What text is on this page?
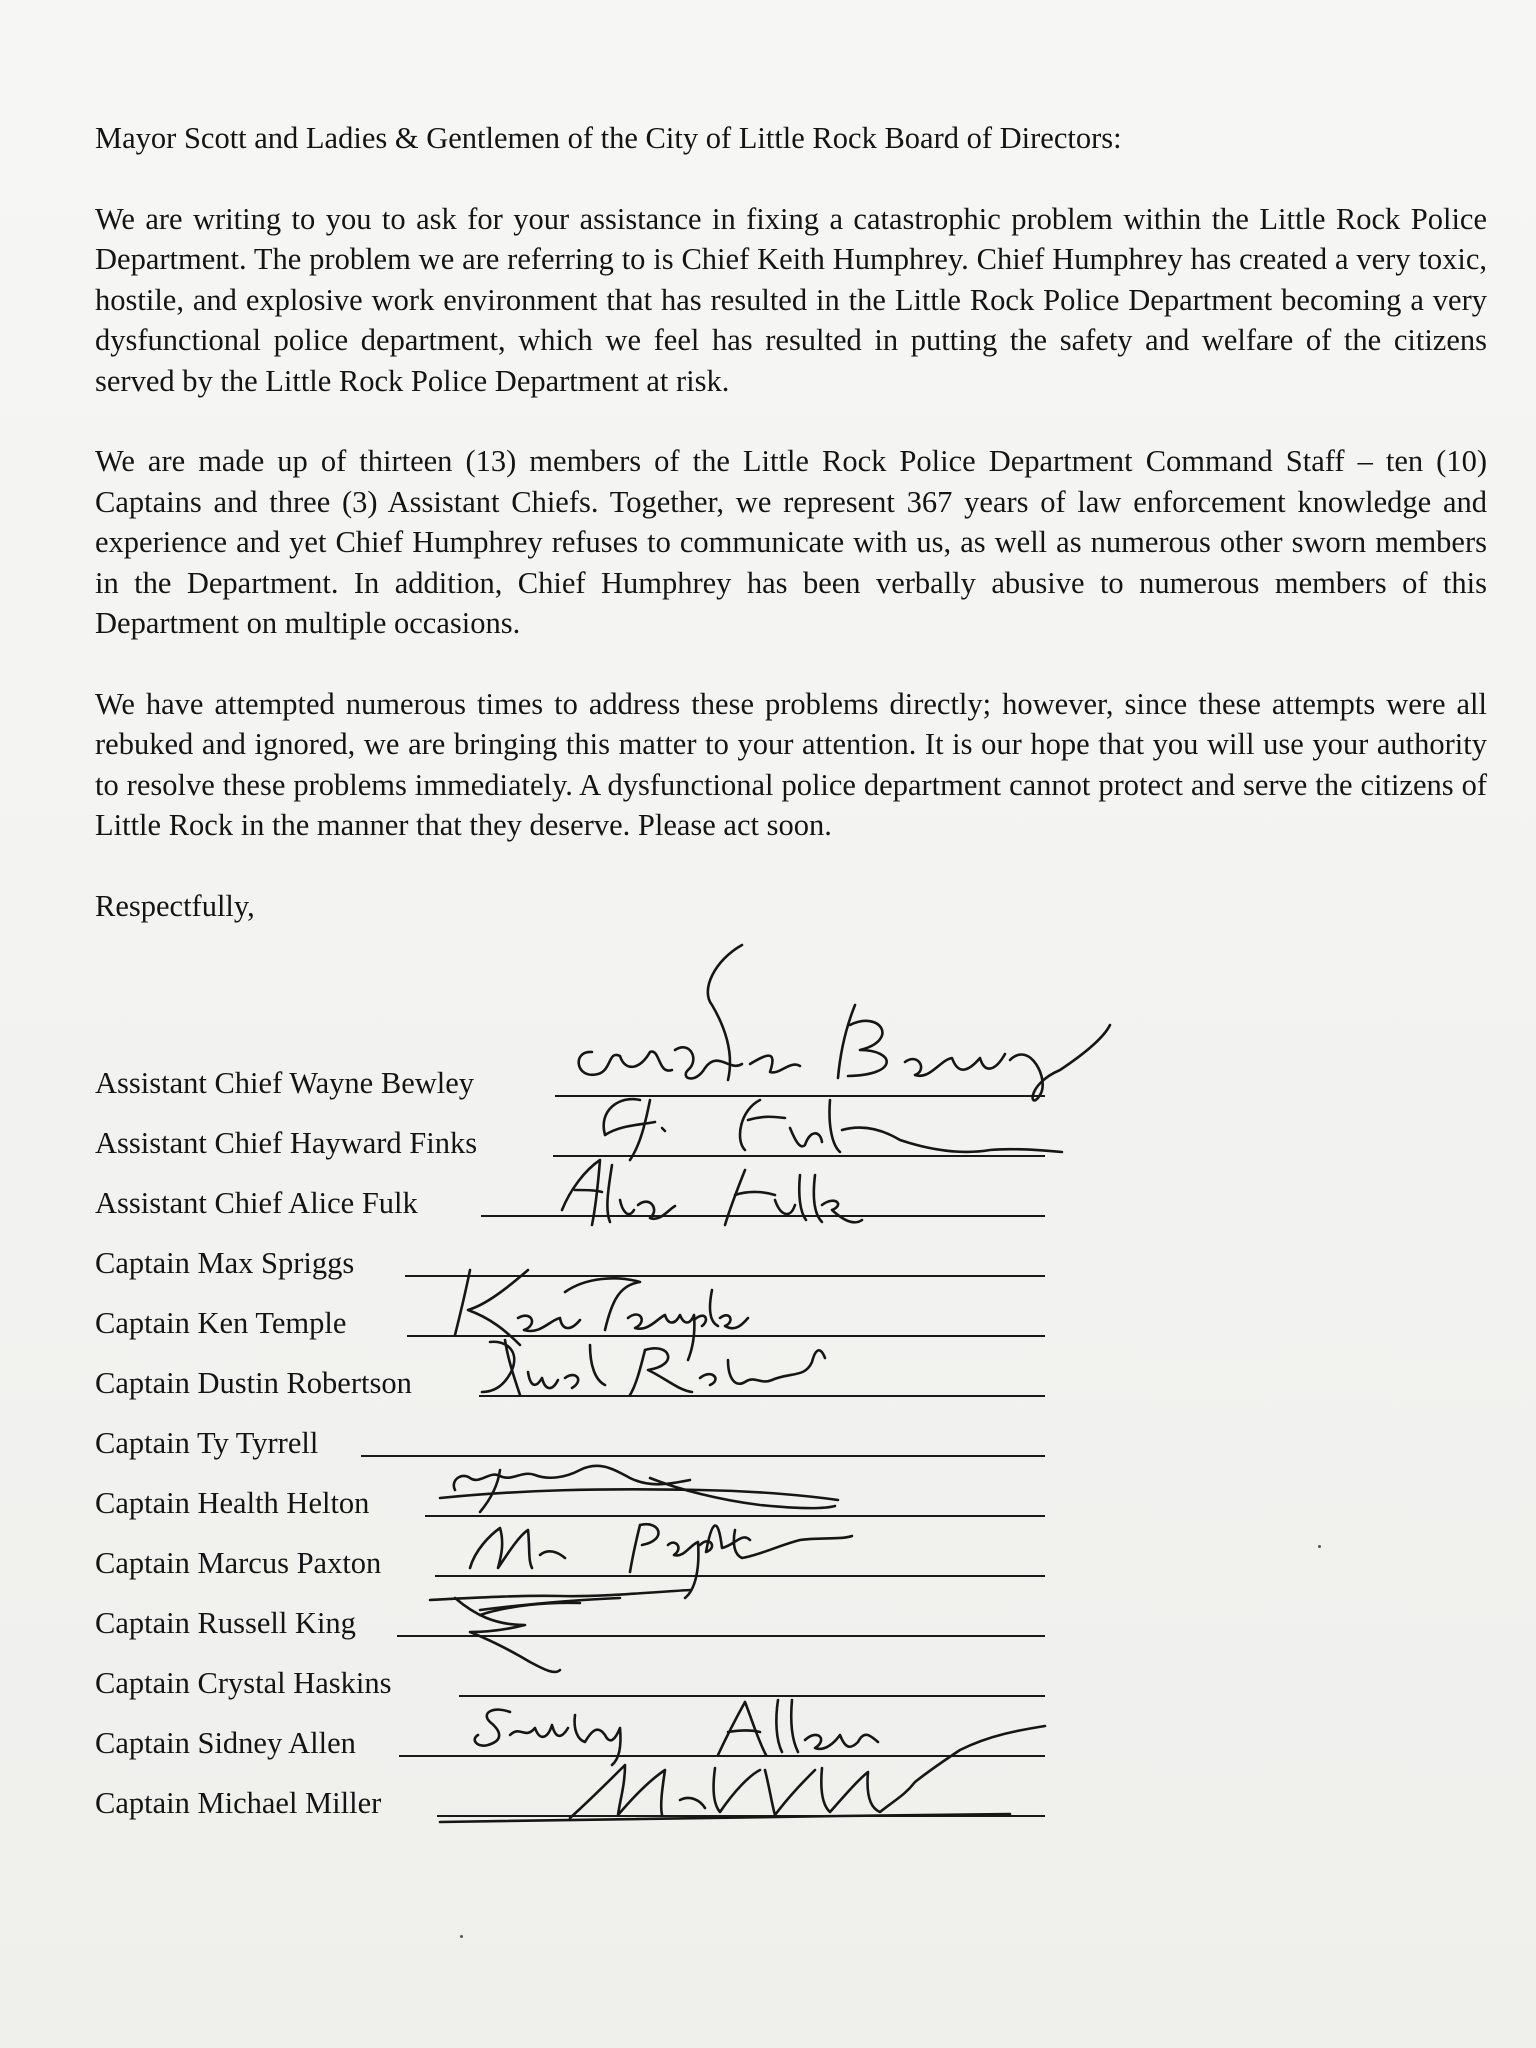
Mayor Scott and Ladies & Gentlemen of the City of Little Rock Board of Directors:

We are writing to you to ask for your assistance in fixing a catastrophic problem within the Little Rock Police Department. The problem we are referring to is Chief Keith Humphrey. Chief Humphrey has created a very toxic, hostile, and explosive work environment that has resulted in the Little Rock Police Department becoming a very dysfunctional police department, which we feel has resulted in putting the safety and welfare of the citizens served by the Little Rock Police Department at risk.

We are made up of thirteen (13) members of the Little Rock Police Department Command Staff – ten (10) Captains and three (3) Assistant Chiefs. Together, we represent 367 years of law enforcement knowledge and experience and yet Chief Humphrey refuses to communicate with us, as well as numerous other sworn members in the Department. In addition, Chief Humphrey has been verbally abusive to numerous members of this Department on multiple occasions.

We have attempted numerous times to address these problems directly; however, since these attempts were all rebuked and ignored, we are bringing this matter to your attention. It is our hope that you will use your authority to resolve these problems immediately. A dysfunctional police department cannot protect and serve the citizens of Little Rock in the manner that they deserve. Please act soon.

Respectfully,

Assistant Chief Wayne Bewley
Assistant Chief Hayward Finks
Assistant Chief Alice Fulk
Captain Max Spriggs
Captain Ken Temple
Captain Dustin Robertson
Captain Ty Tyrrell
Captain Health Helton
Captain Marcus Paxton
Captain Russell King
Captain Crystal Haskins
Captain Sidney Allen
Captain Michael Miller
